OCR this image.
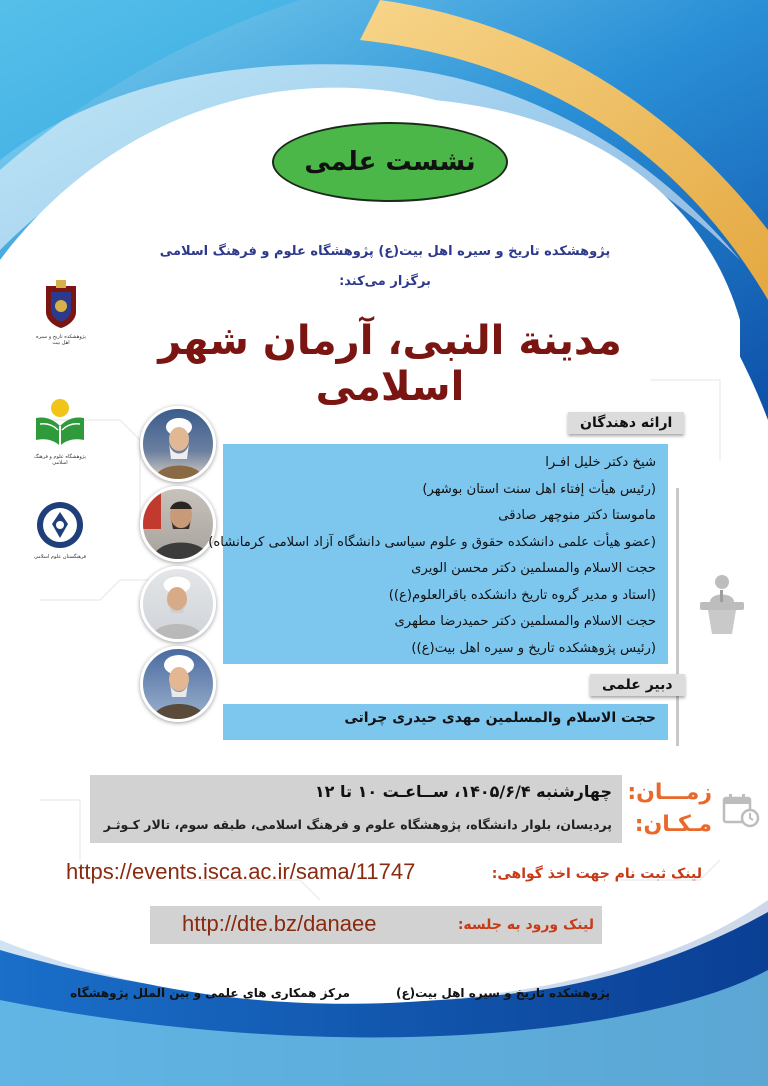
نشست علمی
پژوهشکده تاریخ و سیره اهل بیت(ع) پژوهشگاه علوم و فرهنگ اسلامی
برگزار می‌کند:
مدینة النبی، آرمان شهر اسلامی
پژوهشکده تاریخ و سیره اهل بیت
پژوهشگاه علوم و فرهنگ اسلامی
فرهنگستان علوم اسلامی
ارائه دهندگان
شیخ دکتر خلیل افـرا
(رئیس هیأت إفتاء اهل سنت استان بوشهر)
ماموستا دکتر منوچهر صادقی
(عضو هیأت علمی دانشکده حقوق و علوم سیاسی دانشگاه آزاد اسلامی کرمانشاه)
حجت الاسلام والمسلمین دکتر محسن الویری
(استاد و مدیر گروه تاریخ دانشکده باقرالعلوم(ع))
حجت الاسلام والمسلمین دکتر حمیدرضا مطهری
(رئیس پژوهشکده تاریخ و سیره اهل بیت(ع))
دبیر علمی
حجت الاسلام والمسلمین مهدی حیدری چراتی
چهارشنبه ۱۴۰۵/۶/۴، ســاعـت ۱۰ تا ۱۲
پردیسان، بلوار دانشگاه، پژوهشگاه علوم و فرهنگ اسلامی، طبقه سوم، تالار کـوثـر
زمـــان:
مـکـان:
لینک ثبت نام جهت اخذ گواهی:
https://events.isca.ac.ir/sama/11747
لینک ورود به جلسه:
http://dte.bz/danaee
پژوهشکده تاریخ و سیره اهل بیت(ع)
مرکز همکاری های علمی و بین الملل پژوهشگاه
